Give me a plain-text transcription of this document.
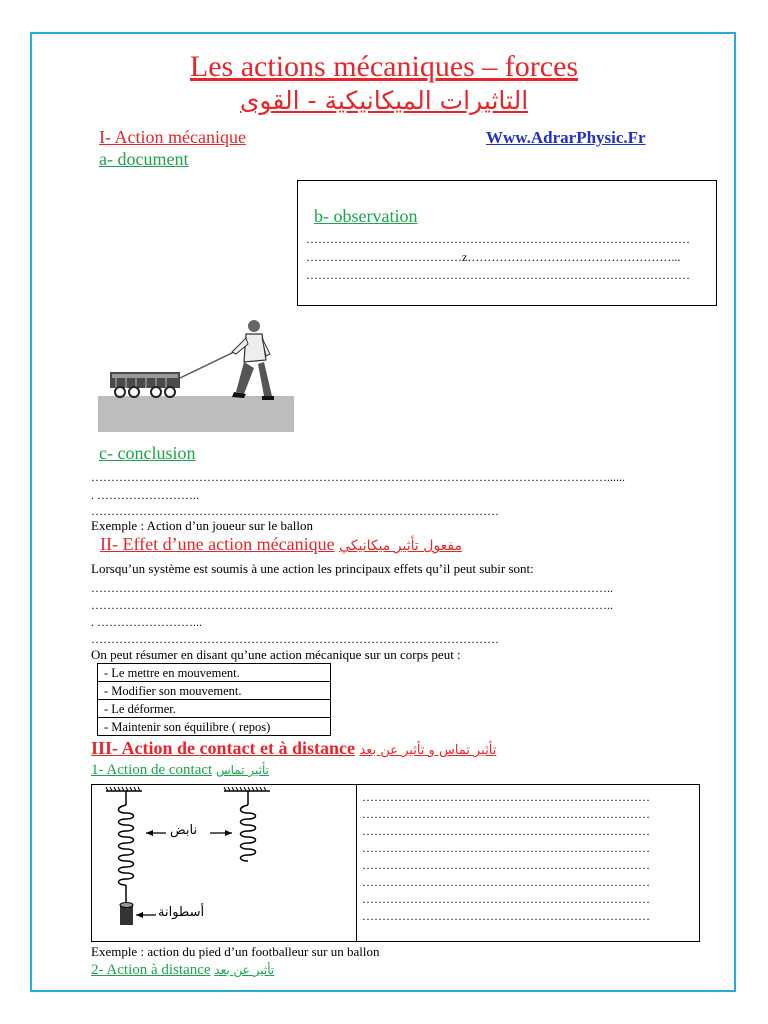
Les actions mécaniques – forces
التاثيرات الميكانيكية - القوى
I- Action mécanique	Www.AdrarPhysic.Fr
a- document
b- observation
……………………………………………………………………………………
…………………………………z……………………………………………...
……………………………………………………………………………………
c- conclusion
…………………………………………………………………………………………………………………......
. ……………………..
…………………………………………………………………………………………
Exemple : Action d’un joueur sur le ballon
II- Effet d’une action mécanique مفعول تأثير ميكانيكي
Lorsqu’un système est soumis à une action les principaux effets qu’il peut subir sont:
…………………………………………………………………………………………………………………..
…………………………………………………………………………………………………………………..
. ……………………...
…………………………………………………………………………………………
On peut résumer en disant qu’une action mécanique sur un corps peut :
- Le mettre en mouvement.
- Modifier son mouvement.
- Le déformer.
- Maintenir son équilibre ( repos)
III- Action de contact et à distance تأثير تماس و تأثير عن بعد
1- Action de contact تأثير تماس
نابض
أسطوانة
………………………………………………………………
………………………………………………………………
………………………………………………………………
………………………………………………………………
………………………………………………………………
………………………………………………………………
………………………………………………………………
………………………………………………………………
Exemple : action du pied d’un footballeur sur un ballon
2- Action à distance تأثير عن بعد
